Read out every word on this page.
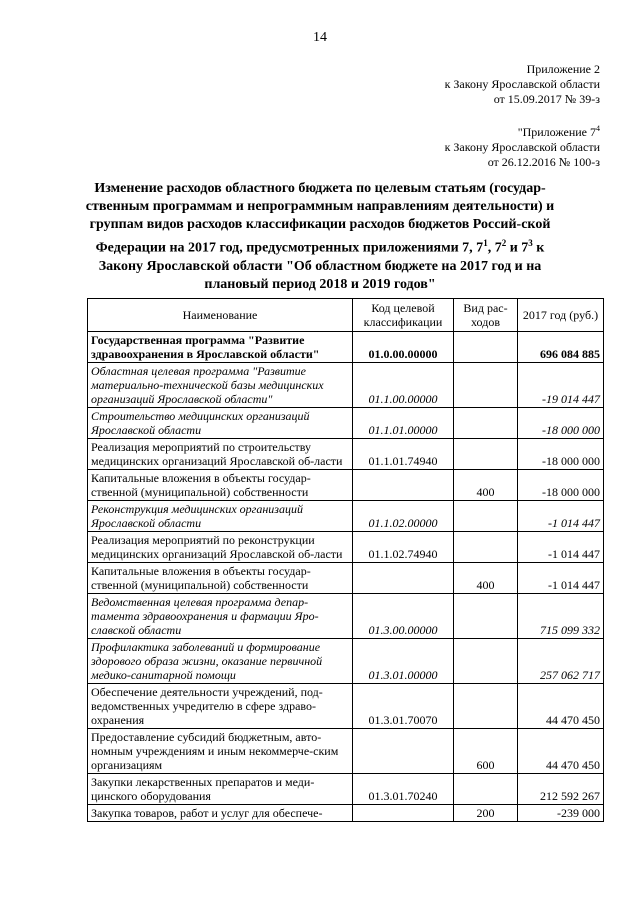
14
Приложение 2
к Закону Ярославской области
от 15.09.2017 № 39-з
"Приложение $7^4$
к Закону Ярославской области
от 26.12.2016 № 100-з
Изменение расходов областного бюджета по целевым статьям (государ-ственным программам и непрограммным направлениям деятельности) и группам видов расходов классификации расходов бюджетов Россий-ской Федерации на 2017 год, предусмотренных приложениями 7, $7^1$, $7^2$ и $7^3$ к Закону Ярославской области "Об областном бюджете на 2017 год и на плановый период 2018 и 2019 годов"
Наименование	Код целевой классификации	Вид рас-ходов	2017 год (руб.)
Государственная программа "Развитие здравоохранения в Ярославской области"	01.0.00.00000		696 084 885
Областная целевая программа "Развитие материально-технической базы медицинских организаций Ярославской области"	01.1.00.00000		-19 014 447
Строительство медицинских организаций Ярославской области	01.1.01.00000		-18 000 000
Реализация мероприятий по строительству медицинских организаций Ярославской об-ласти	01.1.01.74940		-18 000 000
Капитальные вложения в объекты государ-ственной (муниципальной) собственности		400	-18 000 000
Реконструкция медицинских организаций Ярославской области	01.1.02.00000		-1 014 447
Реализация мероприятий по реконструкции медицинских организаций Ярославской об-ласти	01.1.02.74940		-1 014 447
Капитальные вложения в объекты государ-ственной (муниципальной) собственности		400	-1 014 447
Ведомственная целевая программа депар-тамента здравоохранения и фармации Яро-славской области	01.3.00.00000		715 099 332
Профилактика заболеваний и формирование здорового образа жизни, оказание первичной медико-санитарной помощи	01.3.01.00000		257 062 717
Обеспечение деятельности учреждений, под-ведомственных учредителю в сфере здраво-охранения	01.3.01.70070		44 470 450
Предоставление субсидий бюджетным, авто-номным учреждениям и иным некоммерче-ским организациям		600	44 470 450
Закупки лекарственных препаратов и меди-цинского оборудования	01.3.01.70240		212 592 267
Закупка товаров, работ и услуг для обеспече-		200	-239 000
